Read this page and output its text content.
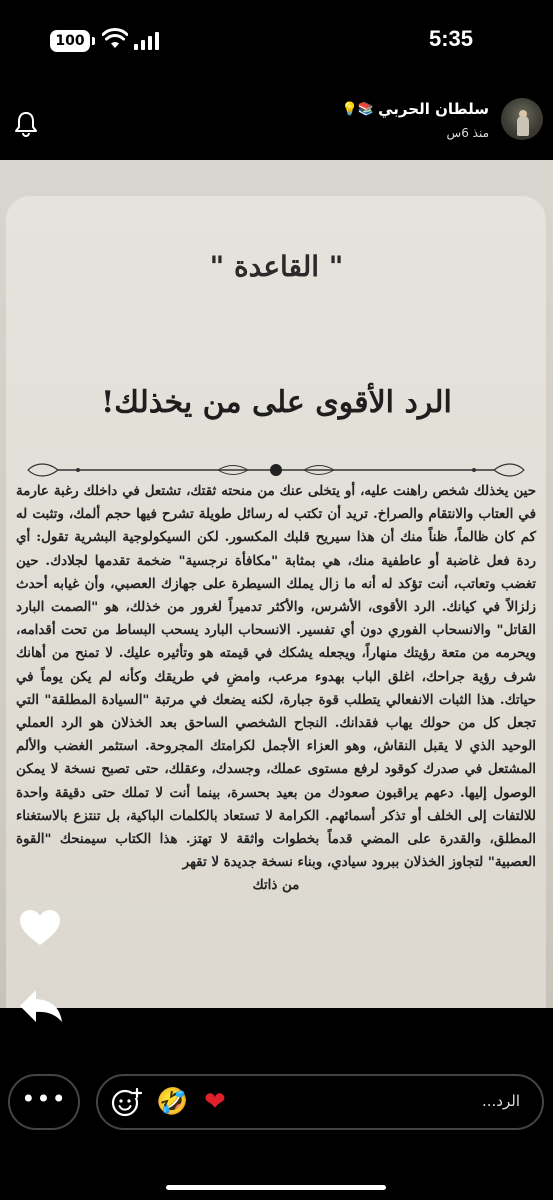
100	5:35
سلطان الحربي
📚💡
منذ 6س
" القاعدة "
الرد الأقوى على من يخذلك!
حين يخذلك شخص راهنت عليه، أو يتخلى عنك من منحته ثقتك، تشتعل في داخلك رغبة عارمة في العتاب والانتقام والصراخ. تريد أن تكتب له رسائل طويلة تشرح فيها حجم ألمك، وتثبت له كم كان ظالماً، ظناً منك أن هذا سيريح قلبك المكسور. لكن السيكولوجية البشرية تقول: أي ردة فعل غاضبة أو عاطفية منك، هي بمثابة "مكافأة نرجسية" ضخمة تقدمها لجلادك. حين تغضب وتعاتب، أنت تؤكد له أنه ما زال يملك السيطرة على جهازك العصبي، وأن غيابه أحدث زلزالاً في كيانك. الرد الأقوى، الأشرس، والأكثر تدميراً لغرور من خذلك، هو "الصمت البارد القاتل" والانسحاب الفوري دون أي تفسير. الانسحاب البارد يسحب البساط من تحت أقدامه، ويحرمه من متعة رؤيتك منهاراً، ويجعله يشكك في قيمته هو وتأثيره عليك. لا تمنح من أهانك شرف رؤية جراحك، اغلق الباب بهدوء مرعب، وامضِ في طريقك وكأنه لم يكن يوماً في حياتك. هذا الثبات الانفعالي يتطلب قوة جبارة، لكنه يضعك في مرتبة "السيادة المطلقة" التي تجعل كل من حولك يهاب فقدانك. النجاح الشخصي الساحق بعد الخذلان هو الرد العملي الوحيد الذي لا يقبل النقاش، وهو العزاء الأجمل لكرامتك المجروحة. استثمر الغضب والألم المشتعل في صدرك كوقود لرفع مستوى عملك، وجسدك، وعقلك، حتى تصبح نسخة لا يمكن الوصول إليها. دعهم يراقبون صعودك من بعيد بحسرة، بينما أنت لا تملك حتى دقيقة واحدة للالتفات إلى الخلف أو تذكر أسمائهم. الكرامة لا تستعاد بالكلمات الباكية، بل تنتزع بالاستغناء المطلق، والقدرة على المضي قدماً بخطوات واثقة لا تهتز. هذا الكتاب سيمنحك "القوة العصبية" لتجاوز الخذلان ببرود سيادي، وبناء نسخة جديدة لا تقهر
من ذاتك
•••	🤣 ❤	الرد...
